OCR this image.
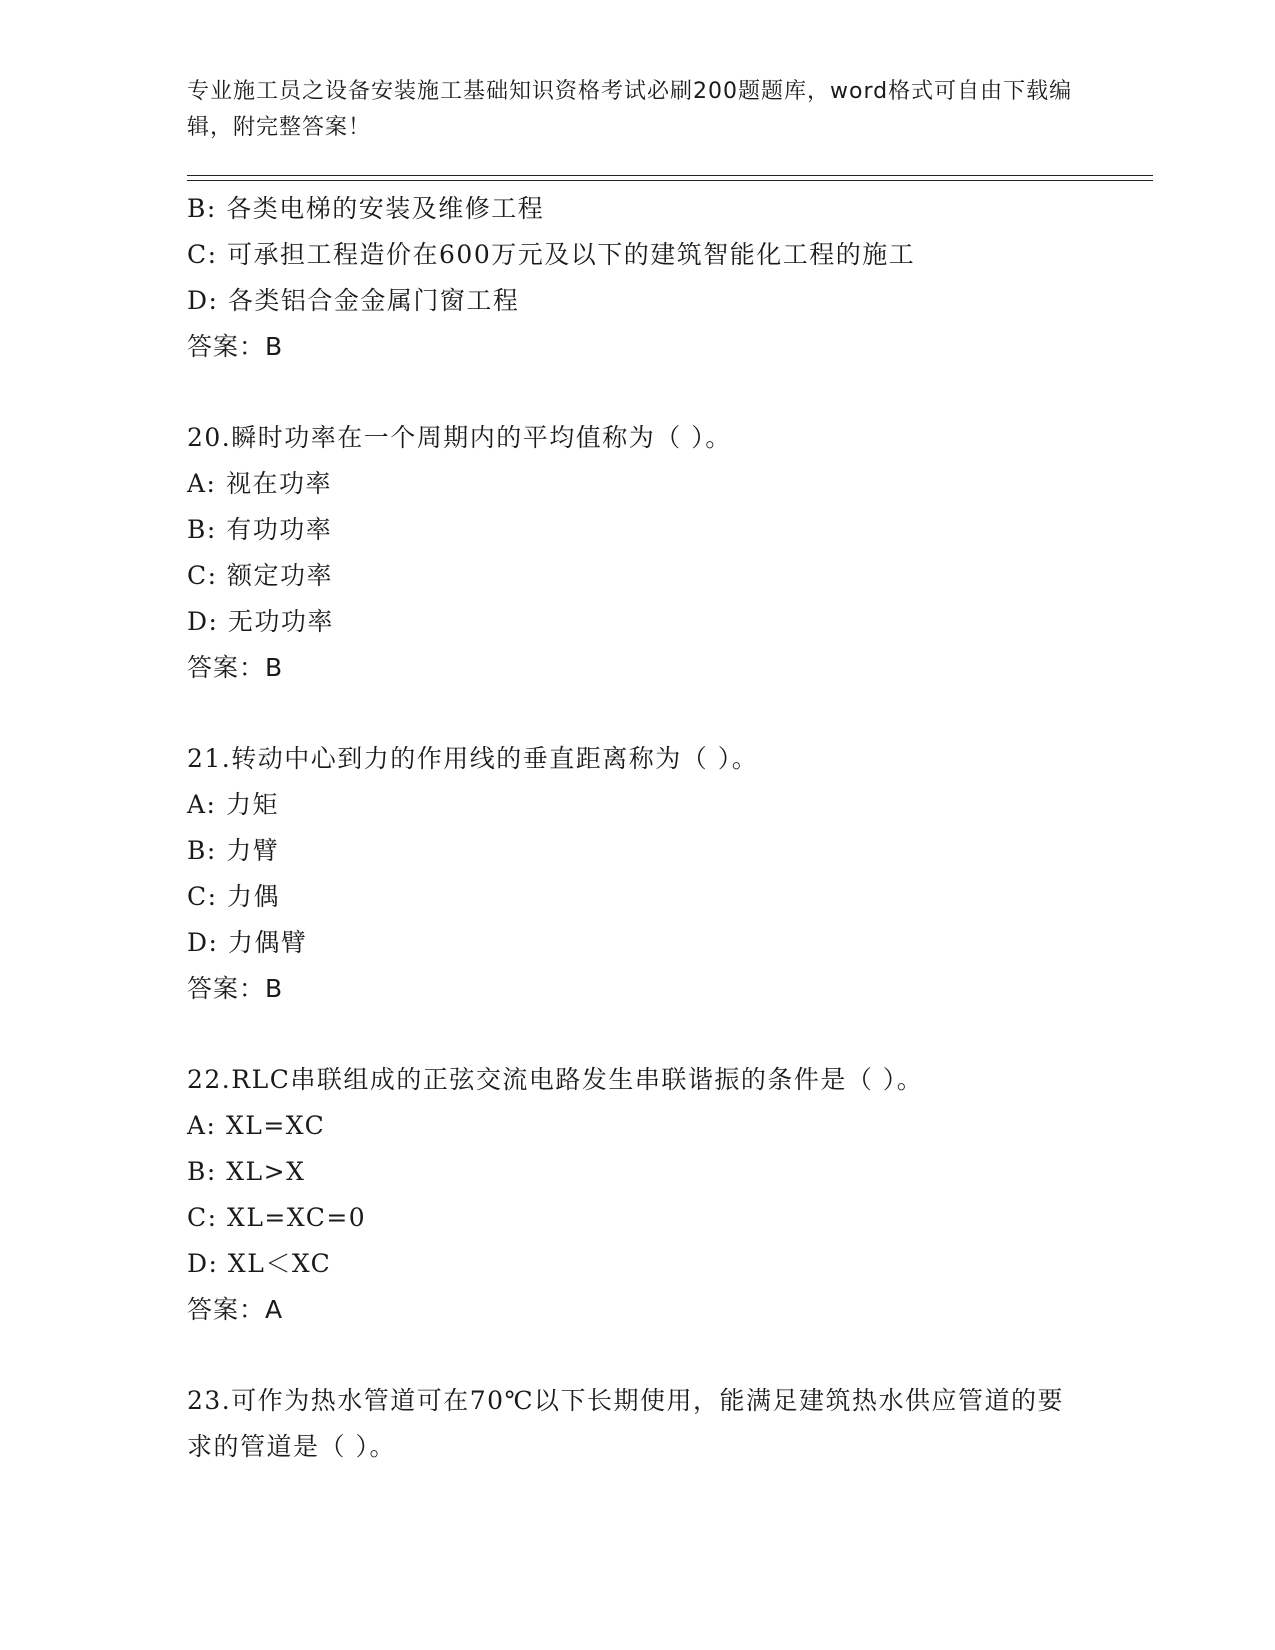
专业施工员之设备安装施工基础知识资格考试必刷200题题库，word格式可自由下载编辑，附完整答案！
B: 各类电梯的安装及维修工程
C: 可承担工程造价在600万元及以下的建筑智能化工程的施工
D: 各类铝合金金属门窗工程
答案：B
20.瞬时功率在一个周期内的平均值称为（ ）。
A: 视在功率
B: 有功功率
C: 额定功率
D: 无功功率
答案：B
21.转动中心到力的作用线的垂直距离称为（ ）。
A: 力矩
B: 力臂
C: 力偶
D: 力偶臂
答案：B
22.RLC串联组成的正弦交流电路发生串联谐振的条件是（ ）。
A: XL=XC
B: XL>X
C: XL=XC=0
D: XL＜XC
答案：A
23.可作为热水管道可在70℃以下长期使用，能满足建筑热水供应管道的要求的管道是（ ）。
